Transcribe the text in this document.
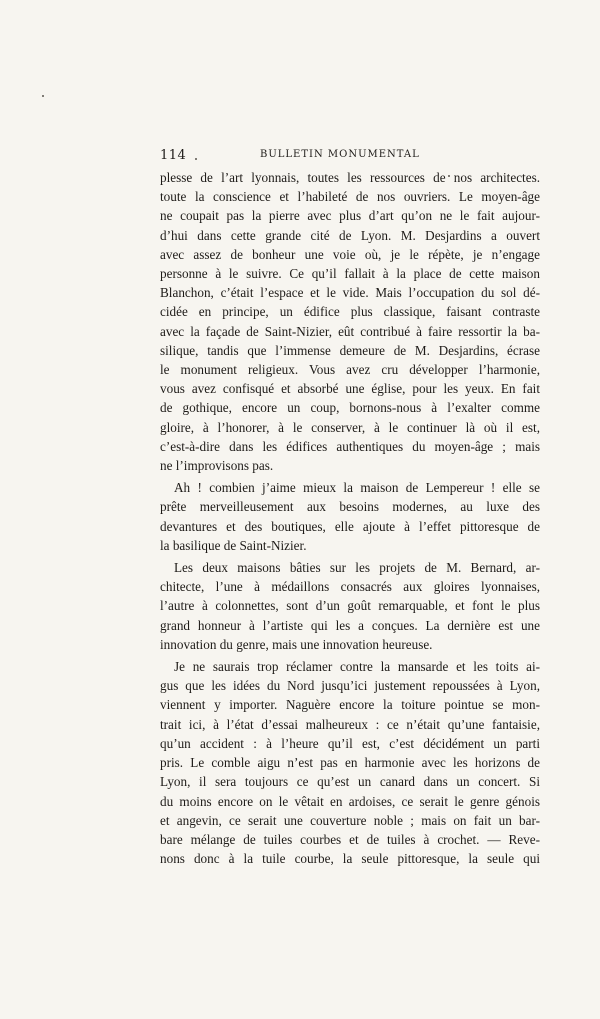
114	BULLETIN MONUMENTAL
plesse de l’art lyonnais, toutes les ressources de nos architectes.
toute la conscience et l’habileté de nos ouvriers. Le moyen-âge
ne coupait pas la pierre avec plus d’art qu’on ne le fait aujour-
d’hui dans cette grande cité de Lyon. M. Desjardins a ouvert
avec assez de bonheur une voie où, je le répète, je n’engage
personne à le suivre. Ce qu’il fallait à la place de cette maison
Blanchon, c’était l’espace et le vide. Mais l’occupation du sol dé-
cidée en principe, un édifice plus classique, faisant contraste
avec la façade de Saint-Nizier, eût contribué à faire ressortir la ba-
silique, tandis que l’immense demeure de M. Desjardins, écrase
le monument religieux. Vous avez cru développer l’harmonie,
vous avez confisqué et absorbé une église, pour les yeux. En fait
de gothique, encore un coup, bornons-nous à l’exalter comme
gloire, à l’honorer, à le conserver, à le continuer là où il est,
c’est-à-dire dans les édifices authentiques du moyen-âge ; mais
ne l’improvisons pas.
Ah ! combien j’aime mieux la maison de Lempereur ! elle se
prête merveilleusement aux besoins modernes, au luxe des
devantures et des boutiques, elle ajoute à l’effet pittoresque de
la basilique de Saint-Nizier.
Les deux maisons bâties sur les projets de M. Bernard, ar-
chitecte, l’une à médaillons consacrés aux gloires lyonnaises,
l’autre à colonnettes, sont d’un goût remarquable, et font le plus
grand honneur à l’artiste qui les a conçues. La dernière est une
innovation du genre, mais une innovation heureuse.
Je ne saurais trop réclamer contre la mansarde et les toits ai-
gus que les idées du Nord jusqu’ici justement repoussées à Lyon,
viennent y importer. Naguère encore la toiture pointue se mon-
trait ici, à l’état d’essai malheureux : ce n’était qu’une fantaisie,
qu’un accident : à l’heure qu’il est, c’est décidément un parti
pris. Le comble aigu n’est pas en harmonie avec les horizons de
Lyon, il sera toujours ce qu’est un canard dans un concert. Si
du moins encore on le vêtait en ardoises, ce serait le genre génois
et angevin, ce serait une couverture noble ; mais on fait un bar-
bare mélange de tuiles courbes et de tuiles à crochet. — Reve-
nons donc à la tuile courbe, la seule pittoresque, la seule qui
